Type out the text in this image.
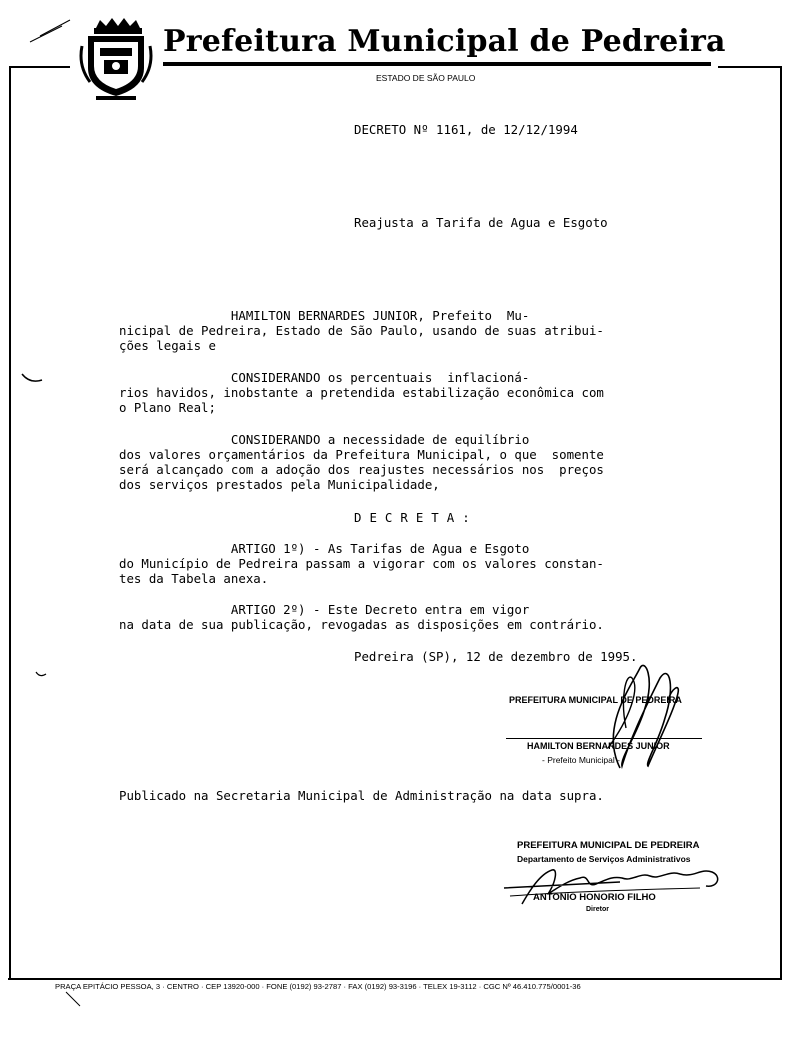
Prefeitura Municipal de Pedreira
ESTADO DE SÃO PAULO
DECRETO Nº 1161, de 12/12/1994
Reajusta a Tarifa de Agua e Esgoto
HAMILTON BERNARDES JUNIOR, Prefeito  Mu-
nicipal de Pedreira, Estado de São Paulo, usando de suas atribui-
ções legais e
CONSIDERANDO os percentuais  inflacioná-
rios havidos, inobstante a pretendida estabilização econômica com
o Plano Real;
CONSIDERANDO a necessidade de equilíbrio
dos valores orçamentários da Prefeitura Municipal, o que  somente
será alcançado com a adoção dos reajustes necessários nos  preços
dos serviços prestados pela Municipalidade,
DECRETA:
ARTIGO 1º) - As Tarifas de Agua e Esgoto
do Município de Pedreira passam a vigorar com os valores constan-
tes da Tabela anexa.
ARTIGO 2º) - Este Decreto entra em vigor
na data de sua publicação, revogadas as disposições em contrário.
Pedreira (SP), 12 de dezembro de 1995.
PREFEITURA MUNICIPAL DE PEDREIRA
HAMILTON BERNARDES JUNIOR
- Prefeito Municipal -
Publicado na Secretaria Municipal de Administração na data supra.
PREFEITURA MUNICIPAL DE PEDREIRA
Departamento de Serviços Administrativos
ANTONIO HONORIO FILHO
Diretor
PRAÇA EPITÁCIO PESSOA, 3 · CENTRO · CEP 13920-000 · FONE (0192) 93-2787 · FAX (0192) 93-3196 · TELEX 19-3112 · CGC Nº 46.410.775/0001-36
